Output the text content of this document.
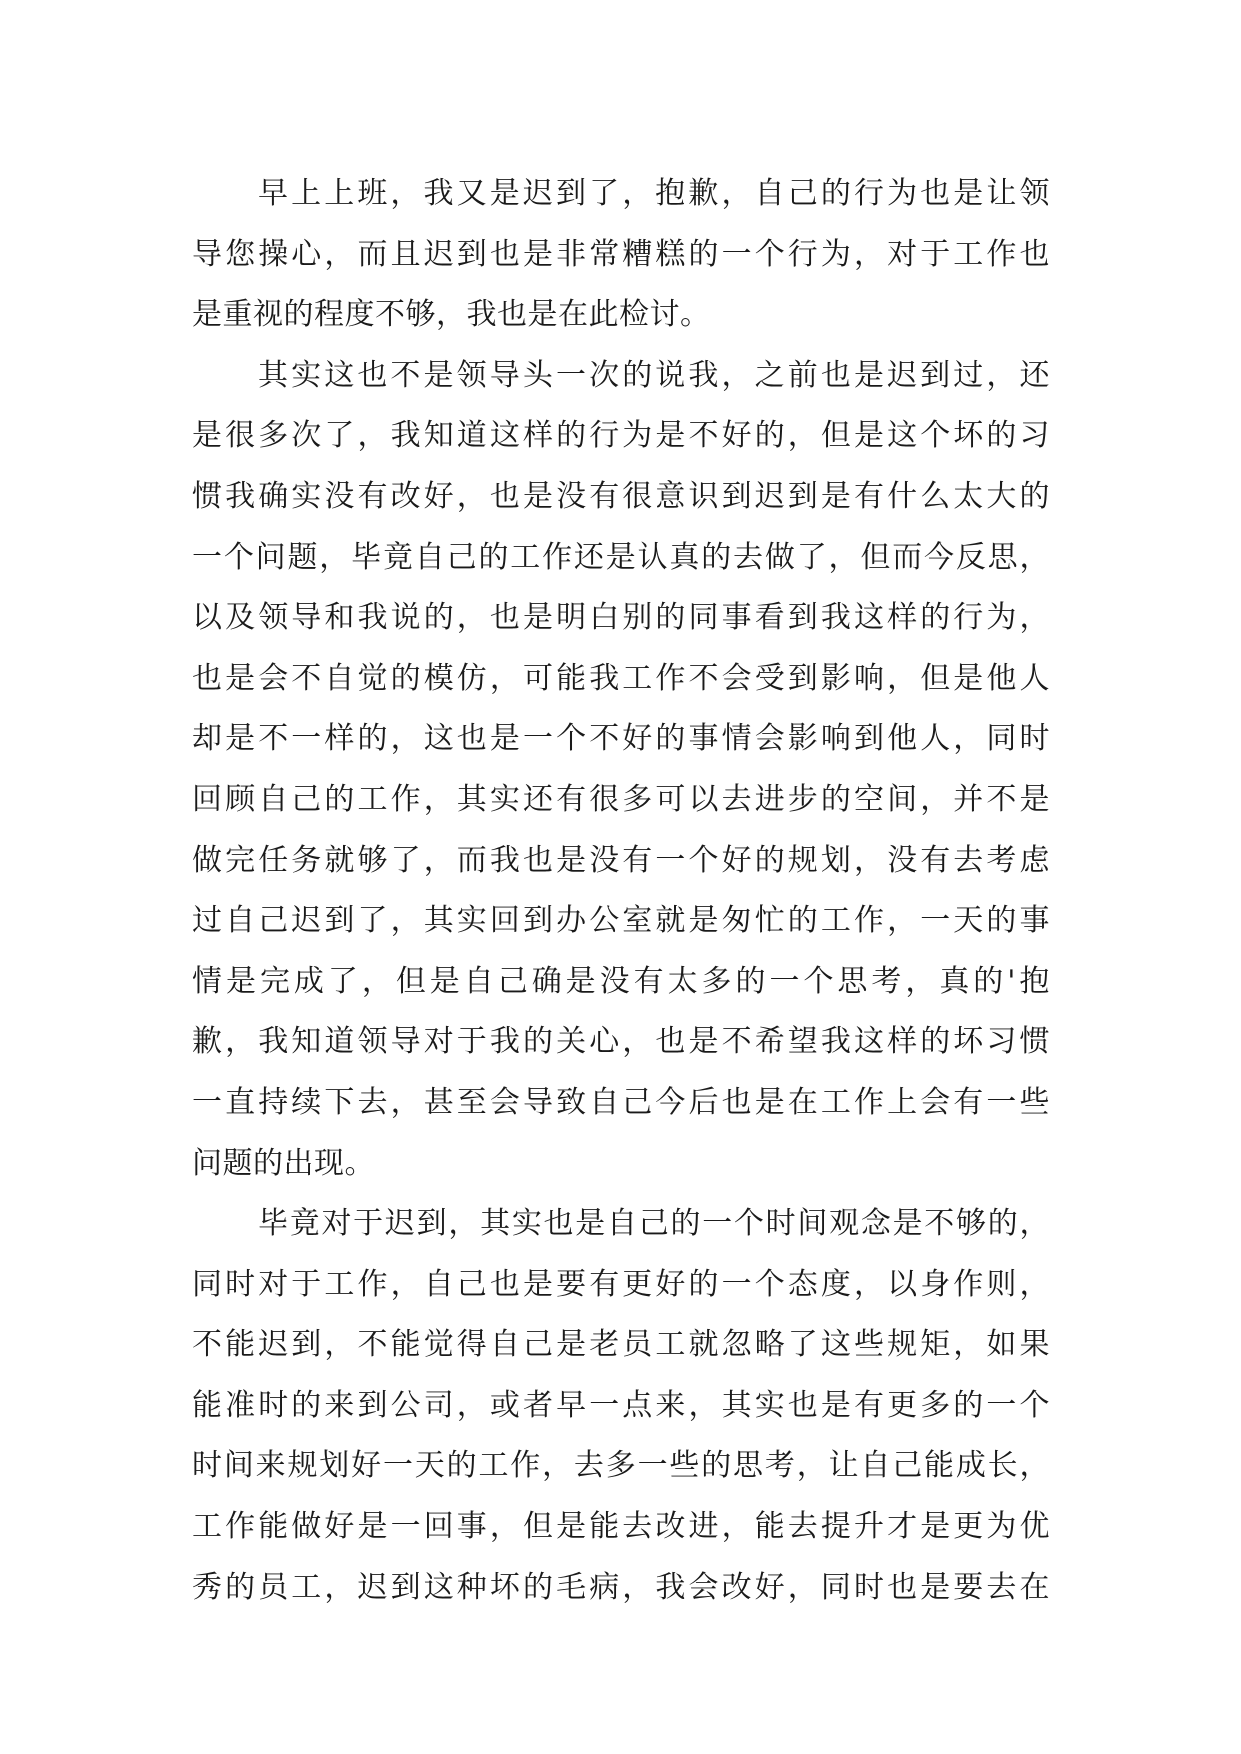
早上上班，我又是迟到了，抱歉，自己的行为也是让领
导您操心，而且迟到也是非常糟糕的一个行为，对于工作也
是重视的程度不够，我也是在此检讨。
其实这也不是领导头一次的说我，之前也是迟到过，还
是很多次了，我知道这样的行为是不好的，但是这个坏的习
惯我确实没有改好，也是没有很意识到迟到是有什么太大的
一个问题，毕竟自己的工作还是认真的去做了，但而今反思，
以及领导和我说的，也是明白别的同事看到我这样的行为，
也是会不自觉的模仿，可能我工作不会受到影响，但是他人
却是不一样的，这也是一个不好的事情会影响到他人，同时
回顾自己的工作，其实还有很多可以去进步的空间，并不是
做完任务就够了，而我也是没有一个好的规划，没有去考虑
过自己迟到了，其实回到办公室就是匆忙的工作，一天的事
情是完成了，但是自己确是没有太多的一个思考，真的'抱
歉，我知道领导对于我的关心，也是不希望我这样的坏习惯
一直持续下去，甚至会导致自己今后也是在工作上会有一些
问题的出现。
毕竟对于迟到，其实也是自己的一个时间观念是不够的，
同时对于工作，自己也是要有更好的一个态度，以身作则，
不能迟到，不能觉得自己是老员工就忽略了这些规矩，如果
能准时的来到公司，或者早一点来，其实也是有更多的一个
时间来规划好一天的工作，去多一些的思考，让自己能成长，
工作能做好是一回事，但是能去改进，能去提升才是更为优
秀的员工，迟到这种坏的毛病，我会改好，同时也是要去在
